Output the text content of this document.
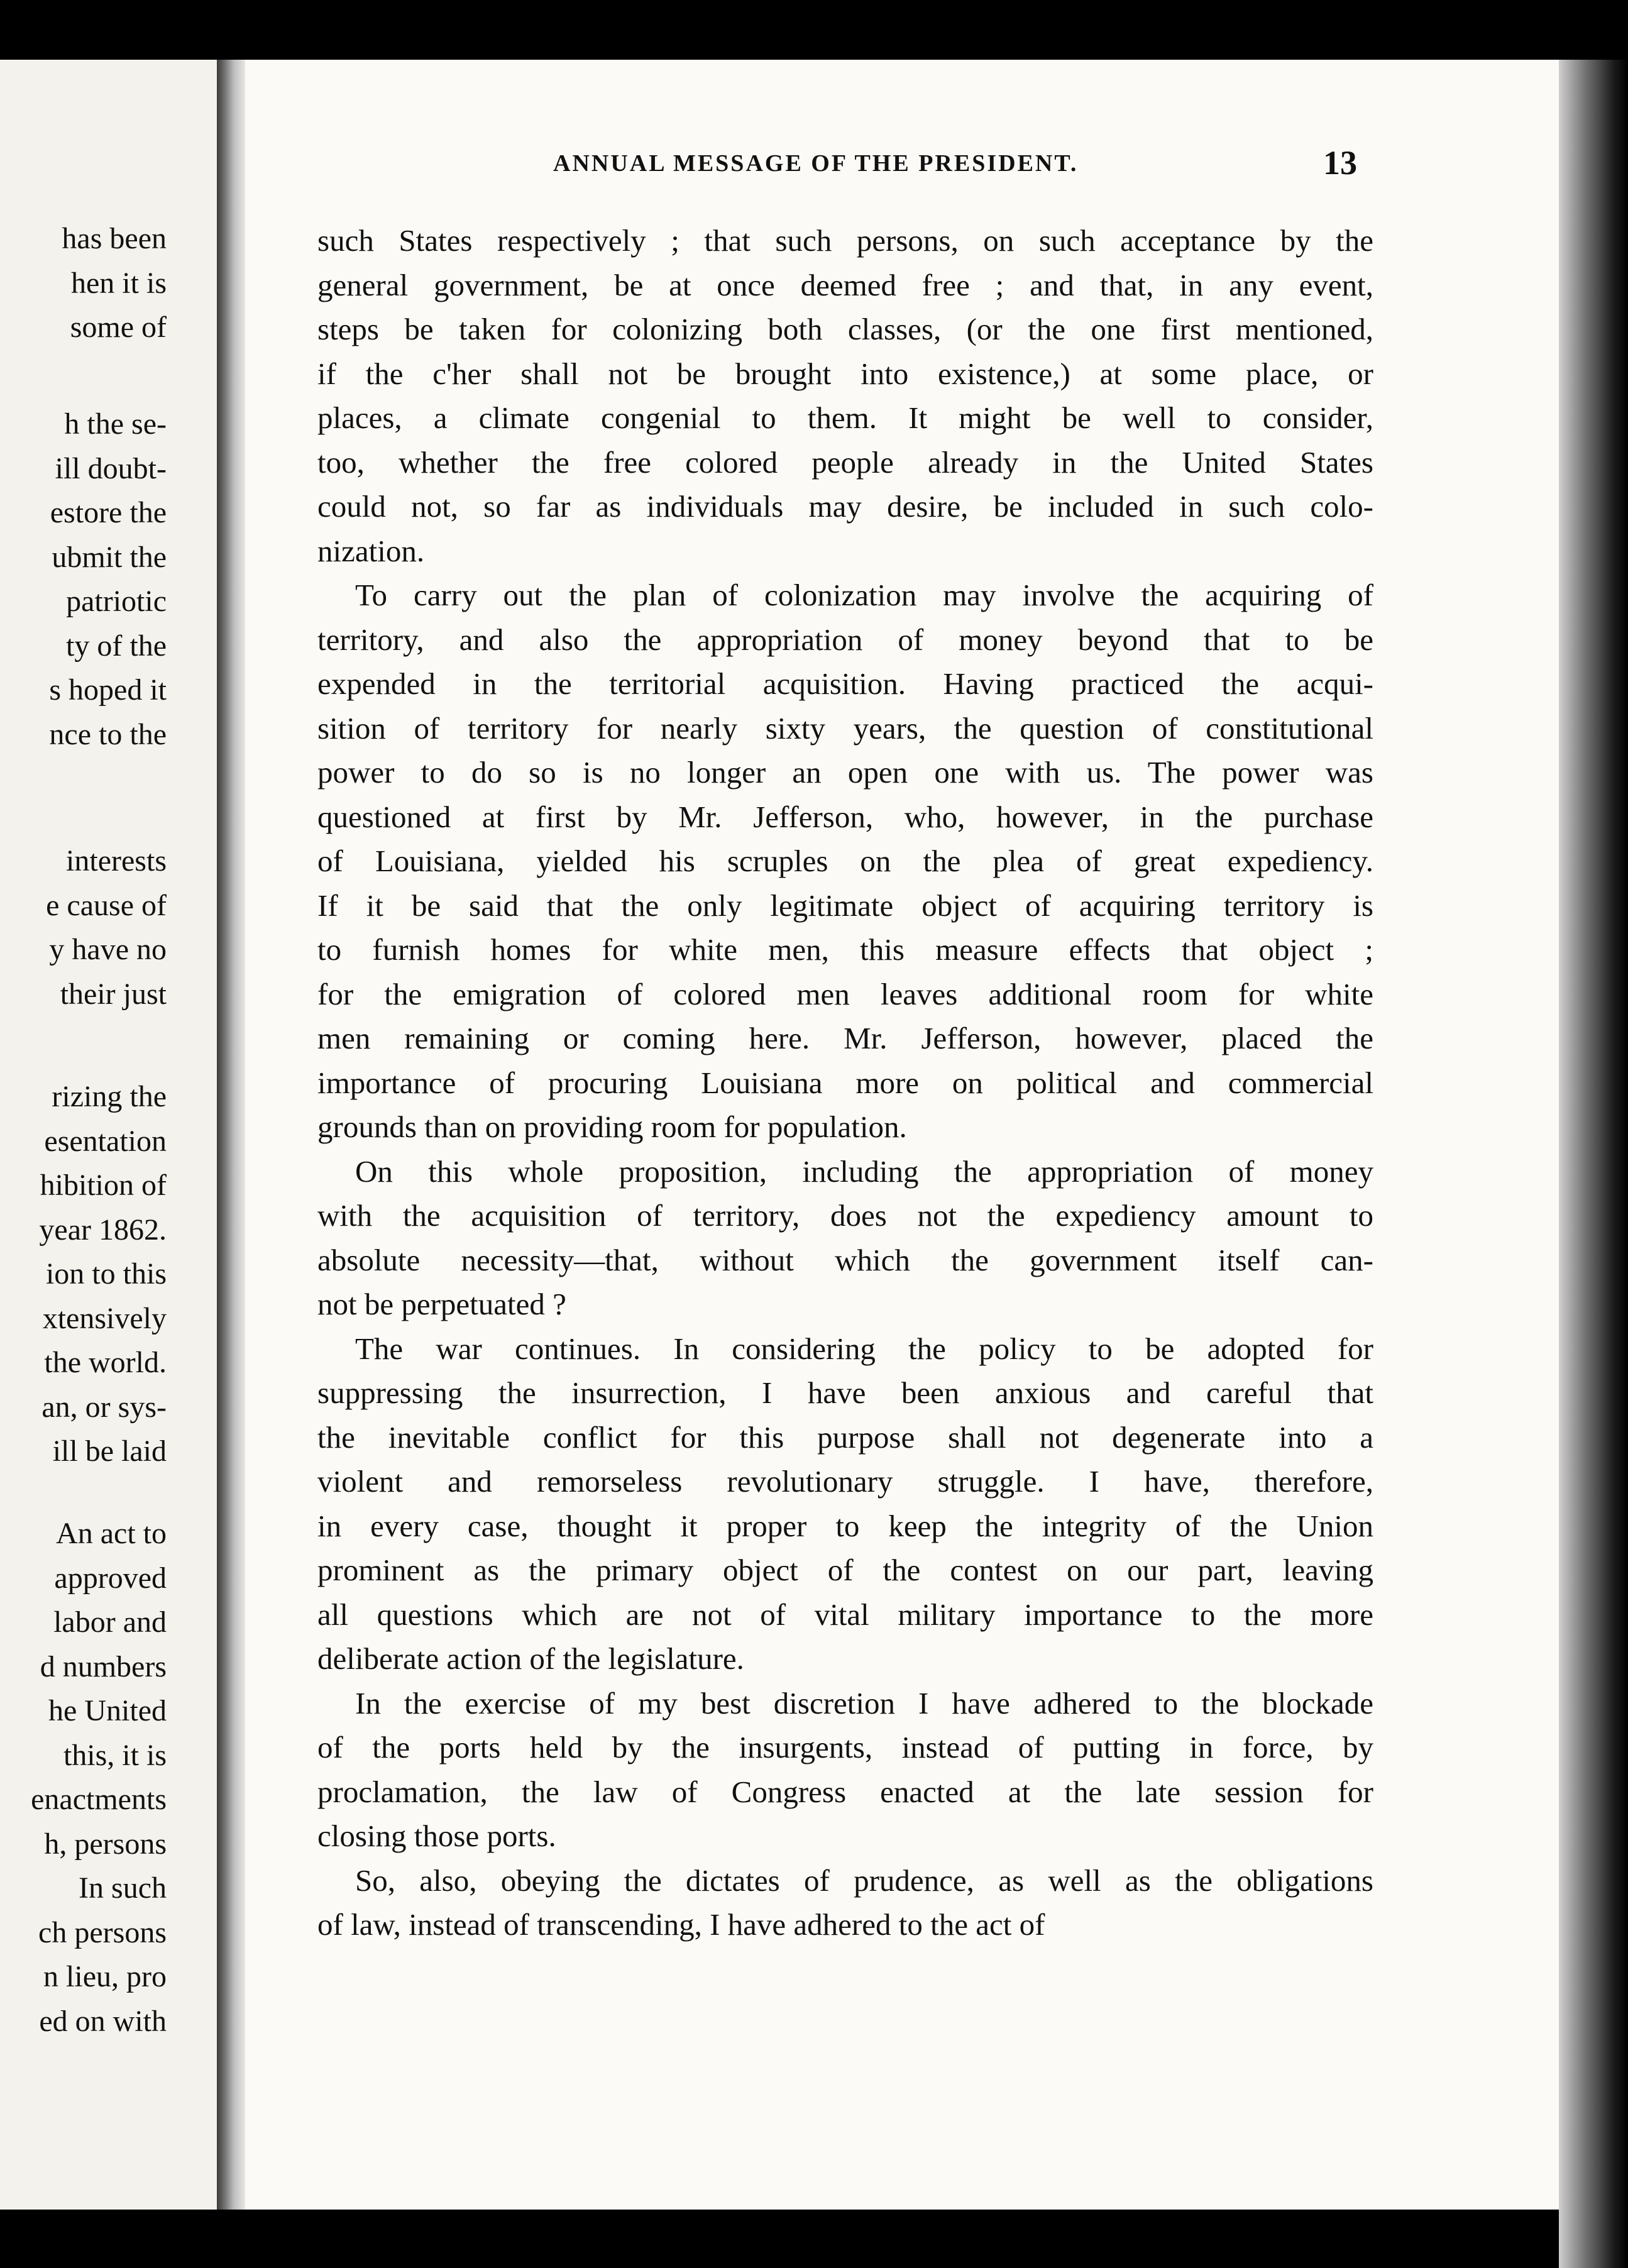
has been
hen it is
some of
h the se-
ill doubt-
estore the
ubmit the
patriotic
ty of the
s hoped it
nce to the
interests
e cause of
y have no
their just
rizing the
esentation
hibition of
year 1862.
ion to this
xtensively
the world.
an, or sys-
ill be laid
An act to
approved
labor and
d numbers
he United
this, it is
enactments
h, persons
In such
ch persons
n lieu, pro
ed on with
ANNUAL MESSAGE OF THE PRESIDENT.	13
such States respectively ; that such persons, on such acceptance by the
general government, be at once deemed free ; and that, in any event,
steps be taken for colonizing both classes, (or the one first mentioned,
if the c'her shall not be brought into existence,) at some place, or
places, a climate congenial to them. It might be well to consider,
too, whether the free colored people already in the United States
could not, so far as individuals may desire, be included in such colo-
nization.
To carry out the plan of colonization may involve the acquiring of
territory, and also the appropriation of money beyond that to be
expended in the territorial acquisition. Having practiced the acqui-
sition of territory for nearly sixty years, the question of constitutional
power to do so is no longer an open one with us. The power was
questioned at first by Mr. Jefferson, who, however, in the purchase
of Louisiana, yielded his scruples on the plea of great expediency.
If it be said that the only legitimate object of acquiring territory is
to furnish homes for white men, this measure effects that object ;
for the emigration of colored men leaves additional room for white
men remaining or coming here. Mr. Jefferson, however, placed the
importance of procuring Louisiana more on political and commercial
grounds than on providing room for population.
On this whole proposition, including the appropriation of money
with the acquisition of territory, does not the expediency amount to
absolute necessity—that, without which the government itself can-
not be perpetuated ?
The war continues. In considering the policy to be adopted for
suppressing the insurrection, I have been anxious and careful that
the inevitable conflict for this purpose shall not degenerate into a
violent and remorseless revolutionary struggle. I have, therefore,
in every case, thought it proper to keep the integrity of the Union
prominent as the primary object of the contest on our part, leaving
all questions which are not of vital military importance to the more
deliberate action of the legislature.
In the exercise of my best discretion I have adhered to the blockade
of the ports held by the insurgents, instead of putting in force, by
proclamation, the law of Congress enacted at the late session for
closing those ports.
So, also, obeying the dictates of prudence, as well as the obligations
of law, instead of transcending, I have adhered to the act of
